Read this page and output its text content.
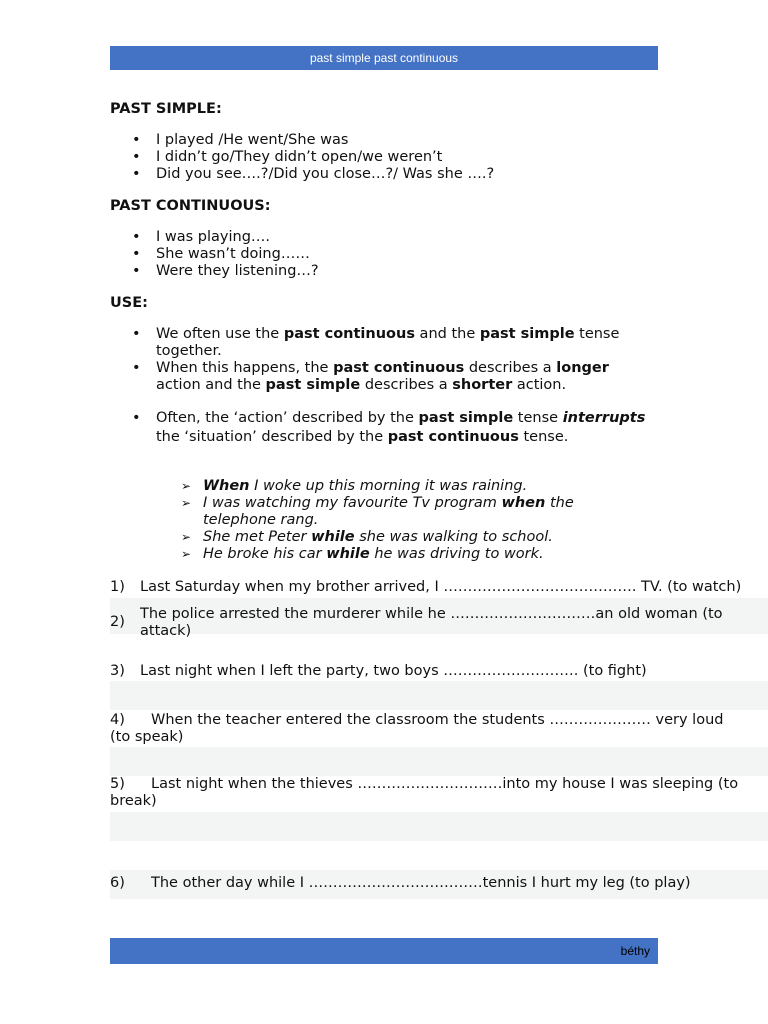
past simple past continuous
PAST SIMPLE:
• I played /He went/She was
• I didn’t go/They didn’t open/we weren’t
• Did you see….?/Did you close…?/ Was she ….?
PAST CONTINUOUS:
• I was playing….
• She wasn’t doing……
• Were they listening…?
USE:
• We often use the past continuous and the past simple tense together.
• When this happens, the past continuous describes a longer action and the past simple describes a shorter action.
• Often, the ‘action’ described by the past simple tense interrupts the ‘situation’ described by the past continuous tense.
➢ When I woke up this morning it was raining.
➢ I was watching my favourite Tv program when the telephone rang.
➢ She met Peter while she was walking to school.
➢ He broke his car while he was driving to work.
1) Last Saturday when my brother arrived, I …………………………………. TV. (to watch)
2)	The police arrested the murderer while he …………………………an old woman (to
attack)
3) Last night when I left the party, two boys ………………………. (to fight)
4) When the teacher entered the classroom the students ………………… very loud
(to speak)
5) Last night when the thieves …………………………into my house I was sleeping (to
break)
6) The other day while I ………………………………tennis I hurt my leg (to play)
béthy
